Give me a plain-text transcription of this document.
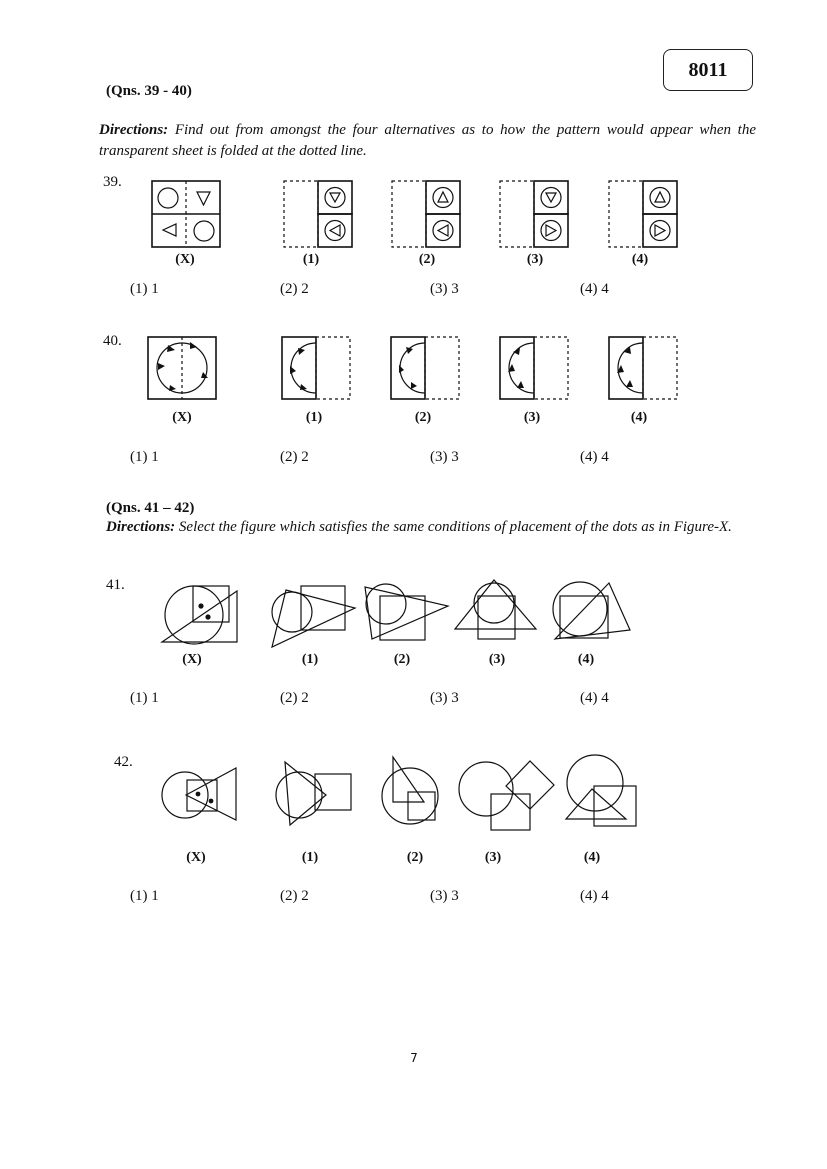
8011
(Qns. 39 - 40)
Directions: Find out from amongst the four alternatives as to how the pattern would appear when the transparent sheet is folded at the dotted line.
39.
(X)	(1)	(2)	(3)	(4)
(1) 1	(2) 2	(3) 3	(4) 4
40.
(X)	(1)	(2)	(3)	(4)
(1) 1	(2) 2	(3) 3	(4) 4
(Qns. 41 – 42)
Directions: Select the figure which satisfies the same conditions of placement of the dots as in Figure-X.
41.
(X)	(1)	(2)	(3)	(4)
(1) 1	(2) 2	(3) 3	(4) 4
42.
(X)	(1)	(2)	(3)	(4)
(1) 1	(2) 2	(3) 3	(4) 4
7
